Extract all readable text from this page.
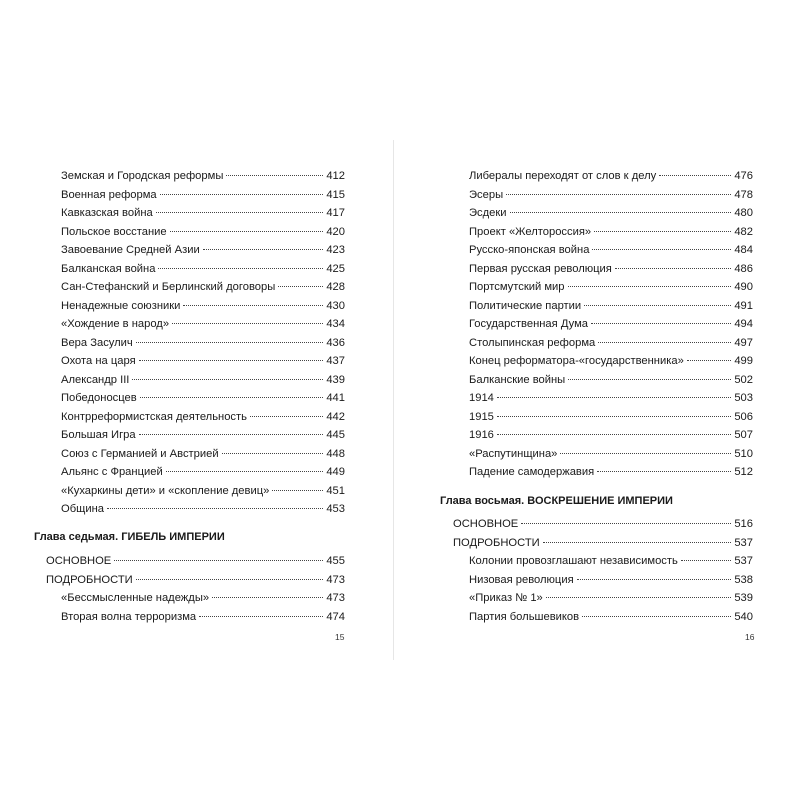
Земская и Городская реформы	412
Военная реформа	415
Кавказская война	417
Польское восстание	420
Завоевание Средней Азии	423
Балканская война	425
Сан-Стефанский и Берлинский договоры	428
Ненадежные союзники	430
«Хождение в народ»	434
Вера Засулич	436
Охота на царя	437
Александр III	439
Победоносцев	441
Контрреформистская деятельность	442
Большая Игра	445
Союз с Германией и Австрией	448
Альянс с Францией	449
«Кухаркины дети» и «скопление девиц»	451
Община	453
Глава седьмая. ГИБЕЛЬ ИМПЕРИИ
ОСНОВНОЕ	455
ПОДРОБНОСТИ	473
«Бессмысленные надежды»	473
Вторая волна терроризма	474
15
Либералы переходят от слов к делу	476
Эсеры	478
Эсдеки	480
Проект «Желтороссия»	482
Русско-японская война	484
Первая русская революция	486
Портсмутский мир	490
Политические партии	491
Государственная Дума	494
Столыпинская реформа	497
Конец реформатора-«государственника»	499
Балканские войны	502
1914	503
1915	506
1916	507
«Распутинщина»	510
Падение самодержавия	512
Глава восьмая. ВОСКРЕШЕНИЕ ИМПЕРИИ
ОСНОВНОЕ	516
ПОДРОБНОСТИ	537
Колонии провозглашают независимость	537
Низовая революция	538
«Приказ № 1»	539
Партия большевиков	540
16
